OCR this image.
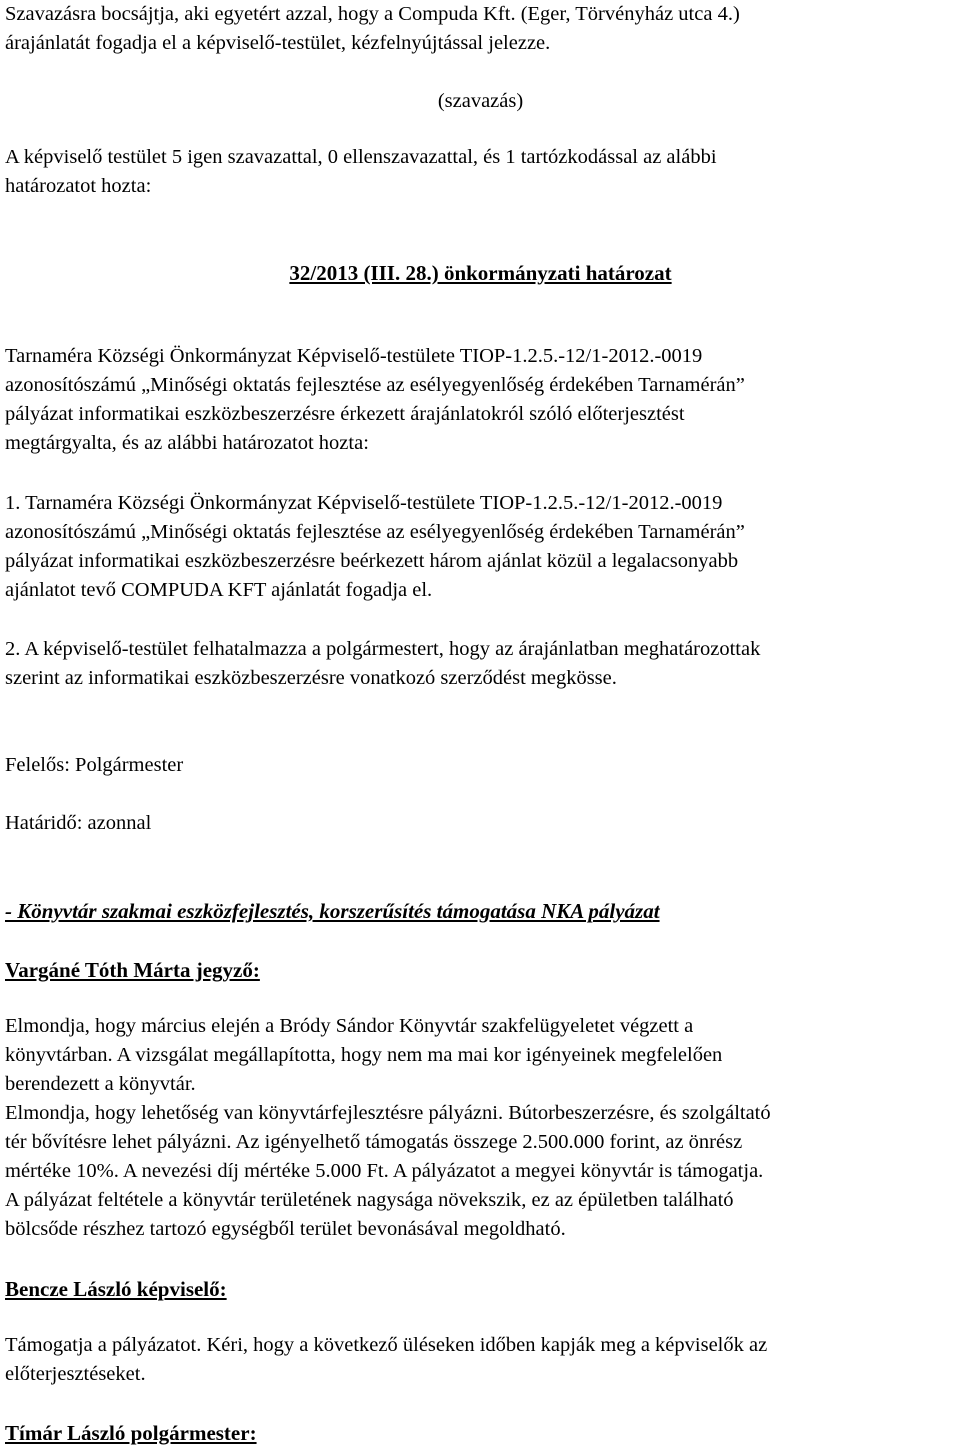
Szavazásra bocsájtja, aki egyetért azzal, hogy a Compuda Kft. (Eger, Törvényház utca 4.)
árajánlatát fogadja el a képviselő-testület, kézfelnyújtással jelezze.

(szavazás)

A képviselő testület 5 igen szavazattal, 0 ellenszavazattal, és 1 tartózkodással az alábbi
határozatot hozta:

32/2013 (III. 28.) önkormányzati határozat

Tarnaméra Községi Önkormányzat Képviselő-testülete TIOP-1.2.5.-12/1-2012.-0019
azonosítószámú „Minőségi oktatás fejlesztése az esélyegyenlőség érdekében Tarnamérán”
pályázat informatikai eszközbeszerzésre érkezett árajánlatokról szóló előterjesztést
megtárgyalta, és az alábbi határozatot hozta:

1. Tarnaméra Községi Önkormányzat Képviselő-testülete TIOP-1.2.5.-12/1-2012.-0019
azonosítószámú „Minőségi oktatás fejlesztése az esélyegyenlőség érdekében Tarnamérán”
pályázat informatikai eszközbeszerzésre beérkezett három ajánlat közül a legalacsonyabb
ajánlatot tevő COMPUDA KFT ajánlatát fogadja el.

2. A képviselő-testület felhatalmazza a polgármestert, hogy az árajánlatban meghatározottak
szerint az informatikai eszközbeszerzésre vonatkozó szerződést megkösse.

Felelős: Polgármester

Határidő: azonnal

- Könyvtár szakmai eszközfejlesztés, korszerűsítés támogatása NKA pályázat

Vargáné Tóth Márta jegyző:

Elmondja, hogy március elején a Bródy Sándor Könyvtár szakfelügyeletet végzett a
könyvtárban. A vizsgálat megállapította, hogy nem ma mai kor igényeinek megfelelően
berendezett a könyvtár.
Elmondja, hogy lehetőség van könyvtárfejlesztésre pályázni. Bútorbeszerzésre, és szolgáltató
tér bővítésre lehet pályázni. Az igényelhető támogatás összege 2.500.000 forint, az önrész
mértéke 10%. A nevezési díj mértéke 5.000 Ft. A pályázatot a megyei könyvtár is támogatja.
A pályázat feltétele a könyvtár területének nagysága növekszik, ez az épületben található
bölcsőde részhez tartozó egységből terület bevonásával megoldható.

Bencze László képviselő:

Támogatja a pályázatot. Kéri, hogy a következő üléseken időben kapják meg a képviselők az
előterjesztéseket.

Tímár László polgármester:
